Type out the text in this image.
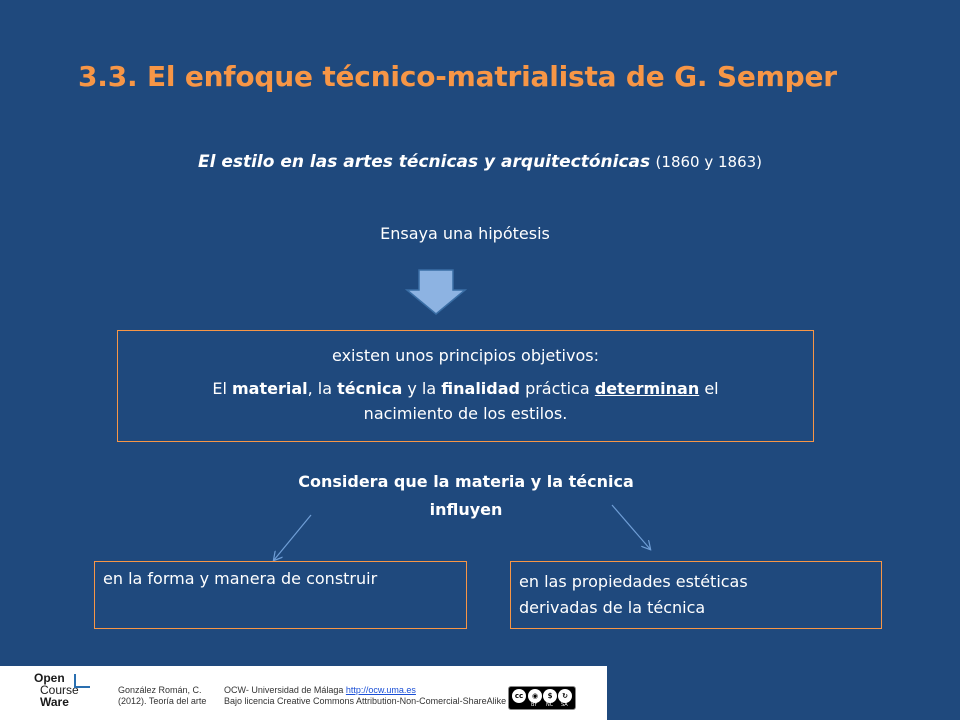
3.3. El enfoque técnico-matrialista de G. Semper
El estilo en las artes técnicas y arquitectónicas (1860 y 1863)
Ensaya una hipótesis
existen unos principios objetivos:
El material, la técnica y la finalidad práctica determinan el
nacimiento de los estilos.
Considera que la materia y la técnica
influyen
en la forma y manera de construir	en las propiedades estéticas
derivadas de la técnica
Open
Course
Ware
González Román, C.
(2012). Teoría del arte
OCW- Universidad de Málaga http://ocw.uma.es
Bajo licencia Creative Commons Attribution-Non-Comercial-ShareAlike	cc	◉	$	↻
BY NC SA
